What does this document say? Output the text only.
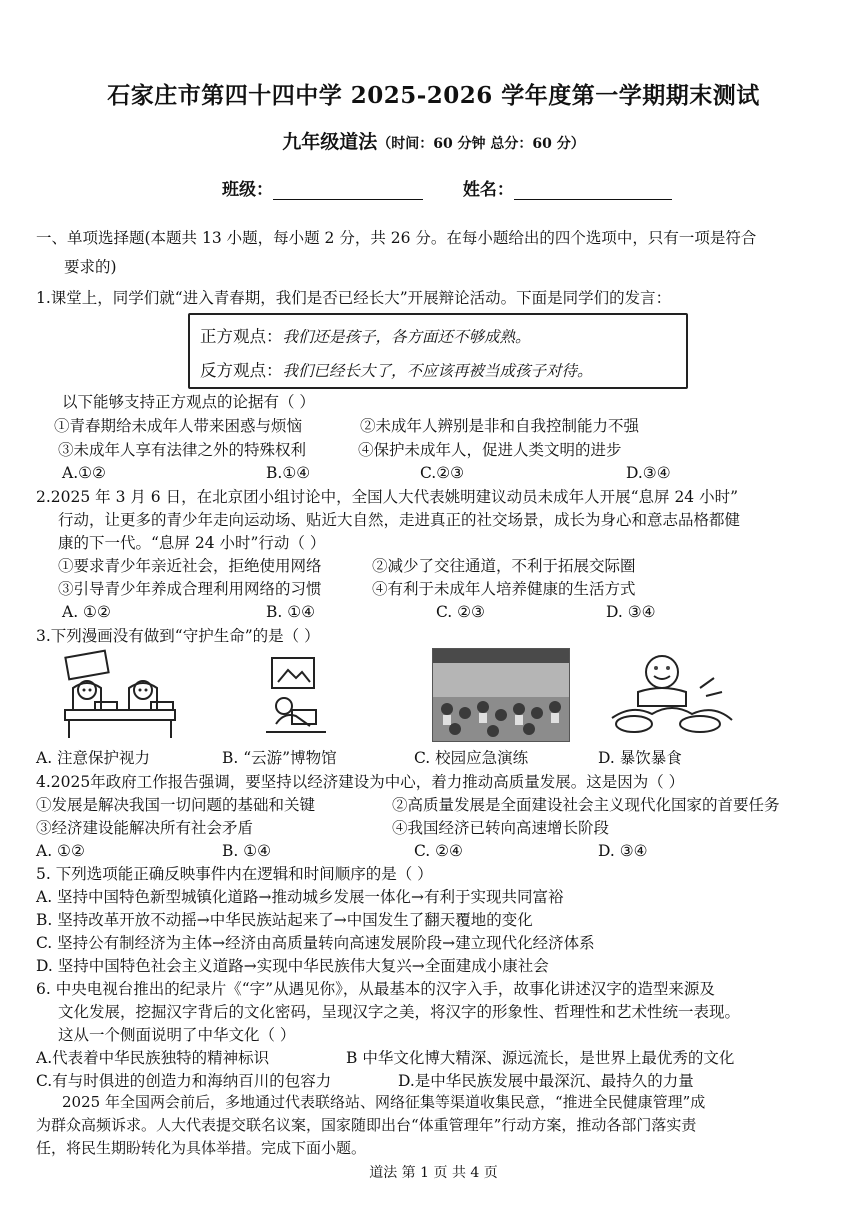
石家庄市第四十四中学 2025-2026 学年度第一学期期末测试
九年级道法（时间：60 分钟 总分：60 分）
班级：	姓名：
一、单项选择题(本题共 13 小题，每小题 2 分，共 26 分。在每小题给出的四个选项中，只有一项是符合
要求的)
1.课堂上，同学们就“进入青春期，我们是否已经长大”开展辩论活动。下面是同学们的发言：
正方观点：我们还是孩子，各方面还不够成熟。
反方观点：我们已经长大了，不应该再被当成孩子对待。
以下能够支持正方观点的论据有（ ）
①青春期给未成年人带来困惑与烦恼	②未成年人辨别是非和自我控制能力不强
③未成年人享有法律之外的特殊权利	④保护未成年人，促进人类文明的进步
A.①②	B.①④	C.②③	D.③④
2.2025 年 3 月 6 日，在北京团小组讨论中，全国人大代表姚明建议动员未成年人开展“息屏 24 小时”
行动，让更多的青少年走向运动场、贴近大自然，走进真正的社交场景，成长为身心和意志品格都健
康的下一代。“息屏 24 小时”行动（ ）
①要求青少年亲近社会，拒绝使用网络	②减少了交往通道，不利于拓展交际圈
③引导青少年养成合理利用网络的习惯	④有利于未成年人培养健康的生活方式
A. ①②	B. ①④	C. ②③	D. ③④
3.下列漫画没有做到“守护生命”的是（ ）
A. 注意保护视力	B. “云游”博物馆	C. 校园应急演练	D. 暴饮暴食
4.2025年政府工作报告强调，要坚持以经济建设为中心，着力推动高质量发展。这是因为（ ）
①发展是解决我国一切问题的基础和关键	②高质量发展是全面建设社会主义现代化国家的首要任务
③经济建设能解决所有社会矛盾	④我国经济已转向高速增长阶段
A. ①②	B. ①④	C. ②④	D. ③④
5. 下列选项能正确反映事件内在逻辑和时间顺序的是（ ）
A. 坚持中国特色新型城镇化道路→推动城乡发展一体化→有利于实现共同富裕
B. 坚持改革开放不动摇→中华民族站起来了→中国发生了翻天覆地的变化
C. 坚持公有制经济为主体→经济由高质量转向高速发展阶段→建立现代化经济体系
D. 坚持中国特色社会主义道路→实现中华民族伟大复兴→全面建成小康社会
6. 中央电视台推出的纪录片《“字”从遇见你》，从最基本的汉字入手，故事化讲述汉字的造型来源及
文化发展，挖掘汉字背后的文化密码，呈现汉字之美，将汉字的形象性、哲理性和艺术性统一表现。
这从一个侧面说明了中华文化（ ）
A.代表着中华民族独特的精神标识	B 中华文化博大精深、源远流长，是世界上最优秀的文化
C.有与时俱进的创造力和海纳百川的包容力	D.是中华民族发展中最深沉、最持久的力量
2025 年全国两会前后，多地通过代表联络站、网络征集等渠道收集民意，“推进全民健康管理”成
为群众高频诉求。人大代表提交联名议案，国家随即出台“体重管理年”行动方案，推动各部门落实责
任，将民生期盼转化为具体举措。完成下面小题。
道法 第 1 页 共 4 页
